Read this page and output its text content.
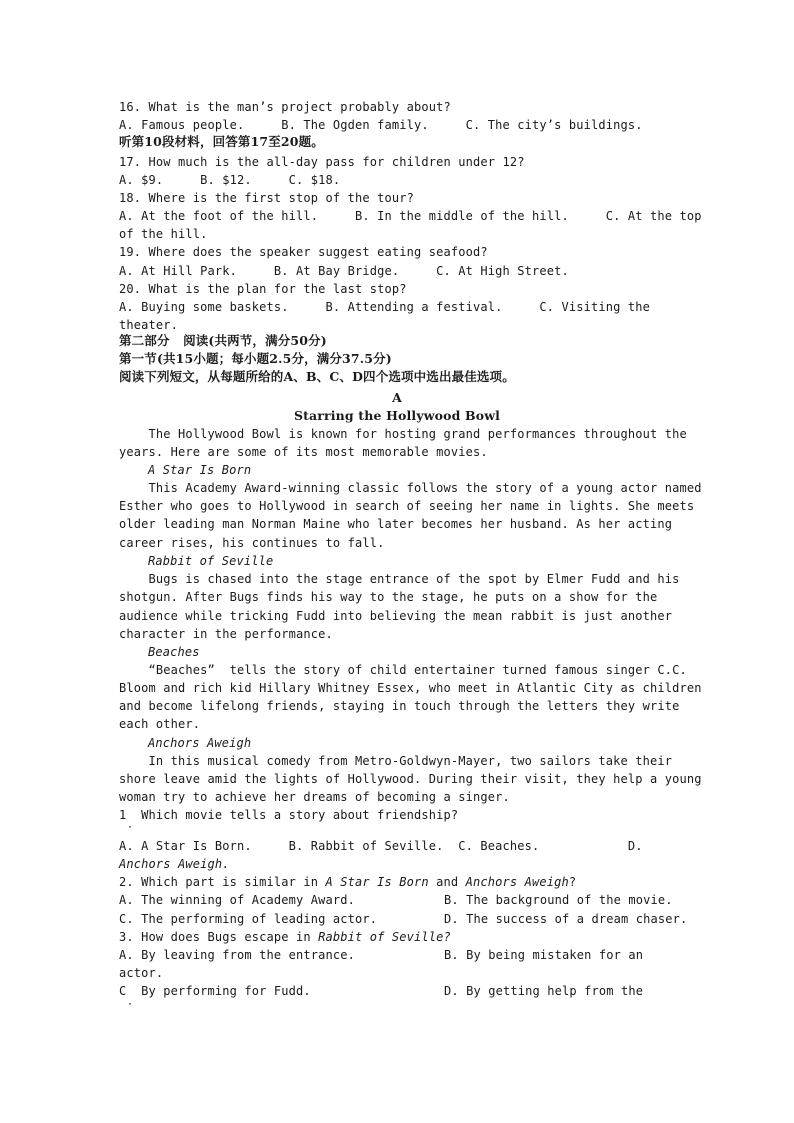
16. What is the man’s project probably about?
A. Famous people.     B. The Ogden family.     C. The city’s buildings.
听第10段材料，回答第17至20题。
17. How much is the all-day pass for children under 12?
A. $9.     B. $12.     C. $18.
18. Where is the first stop of the tour?
A. At the foot of the hill.     B. In the middle of the hill.     C. At the top
of the hill.
19. Where does the speaker suggest eating seafood?
A. At Hill Park.     B. At Bay Bridge.     C. At High Street.
20. What is the plan for the last stop?
A. Buying some baskets.     B. Attending a festival.     C. Visiting the
theater.
第二部分   阅读(共两节，满分50分)
第一节(共15小题；每小题2.5分，满分37.5分)
阅读下列短文，从每题所给的A、B、C、D四个选项中选出最佳选项。
A
Starring the Hollywood Bowl
The Hollywood Bowl is known for hosting grand performances throughout the
years. Here are some of its most memorable movies.
A Star Is Born
This Academy Award-winning classic follows the story of a young actor named
Esther who goes to Hollywood in search of seeing her name in lights. She meets
older leading man Norman Maine who later becomes her husband. As her acting
career rises, his continues to fall.
Rabbit of Seville
Bugs is chased into the stage entrance of the spot by Elmer Fudd and his
shotgun. After Bugs finds his way to the stage, he puts on a show for the
audience while tricking Fudd into believing the mean rabbit is just another
character in the performance.
Beaches
“Beaches”  tells the story of child entertainer turned famous singer C.C.
Bloom and rich kid Hillary Whitney Essex, who meet in Atlantic City as children
and become lifelong friends, staying in touch through the letters they write
each other.
Anchors Aweigh
In this musical comedy from Metro-Goldwyn-Mayer, two sailors take their
shore leave amid the lights of Hollywood. During their visit, they help a young
woman try to achieve her dreams of becoming a singer.
1  Which movie tells a story about friendship?
·
A. A Star Is Born.     B. Rabbit of Seville.  C. Beaches.            D.
Anchors Aweigh.
2. Which part is similar in A Star Is Born and Anchors Aweigh?
A. The winning of Academy Award.	B. The background of the movie.
C. The performing of leading actor.	D. The success of a dream chaser.
3. How does Bugs escape in Rabbit of Seville?
A. By leaving from the entrance.	B. By being mistaken for an
actor.
C  By performing for Fudd.	D. By getting help from the
·
